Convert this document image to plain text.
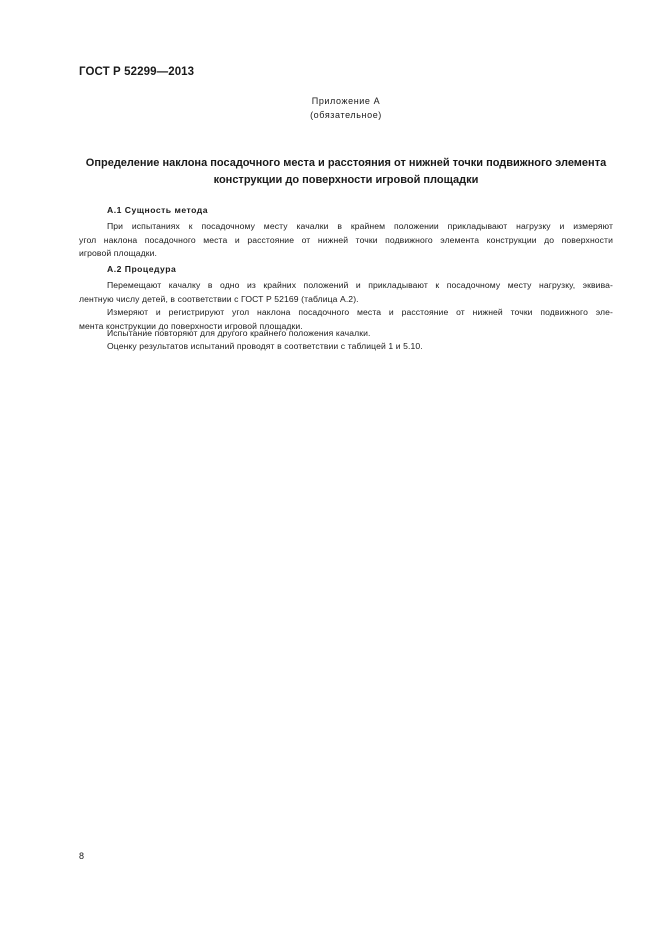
ГОСТ Р 52299—2013
Приложение А
(обязательное)
Определение наклона посадочного места и расстояния от нижней точки подвижного элемента
конструкции до поверхности игровой площадки
А.1 Сущность метода
При испытаниях к посадочному месту качалки в крайнем положении прикладывают нагрузку и измеряют
угол наклона посадочного места и расстояние от нижней точки подвижного элемента конструкции до поверхности
игровой площадки.
А.2 Процедура
Перемещают качалку в одно из крайних положений и прикладывают к посадочному месту нагрузку, эквива-
лентную числу детей, в соответствии с ГОСТ Р 52169 (таблица А.2).
Измеряют и регистрируют угол наклона посадочного места и расстояние от нижней точки подвижного эле-
мента конструкции до поверхности игровой площадки.
Испытание повторяют для другого крайнего положения качалки.
Оценку результатов испытаний проводят в соответствии с таблицей 1 и 5.10.
8
